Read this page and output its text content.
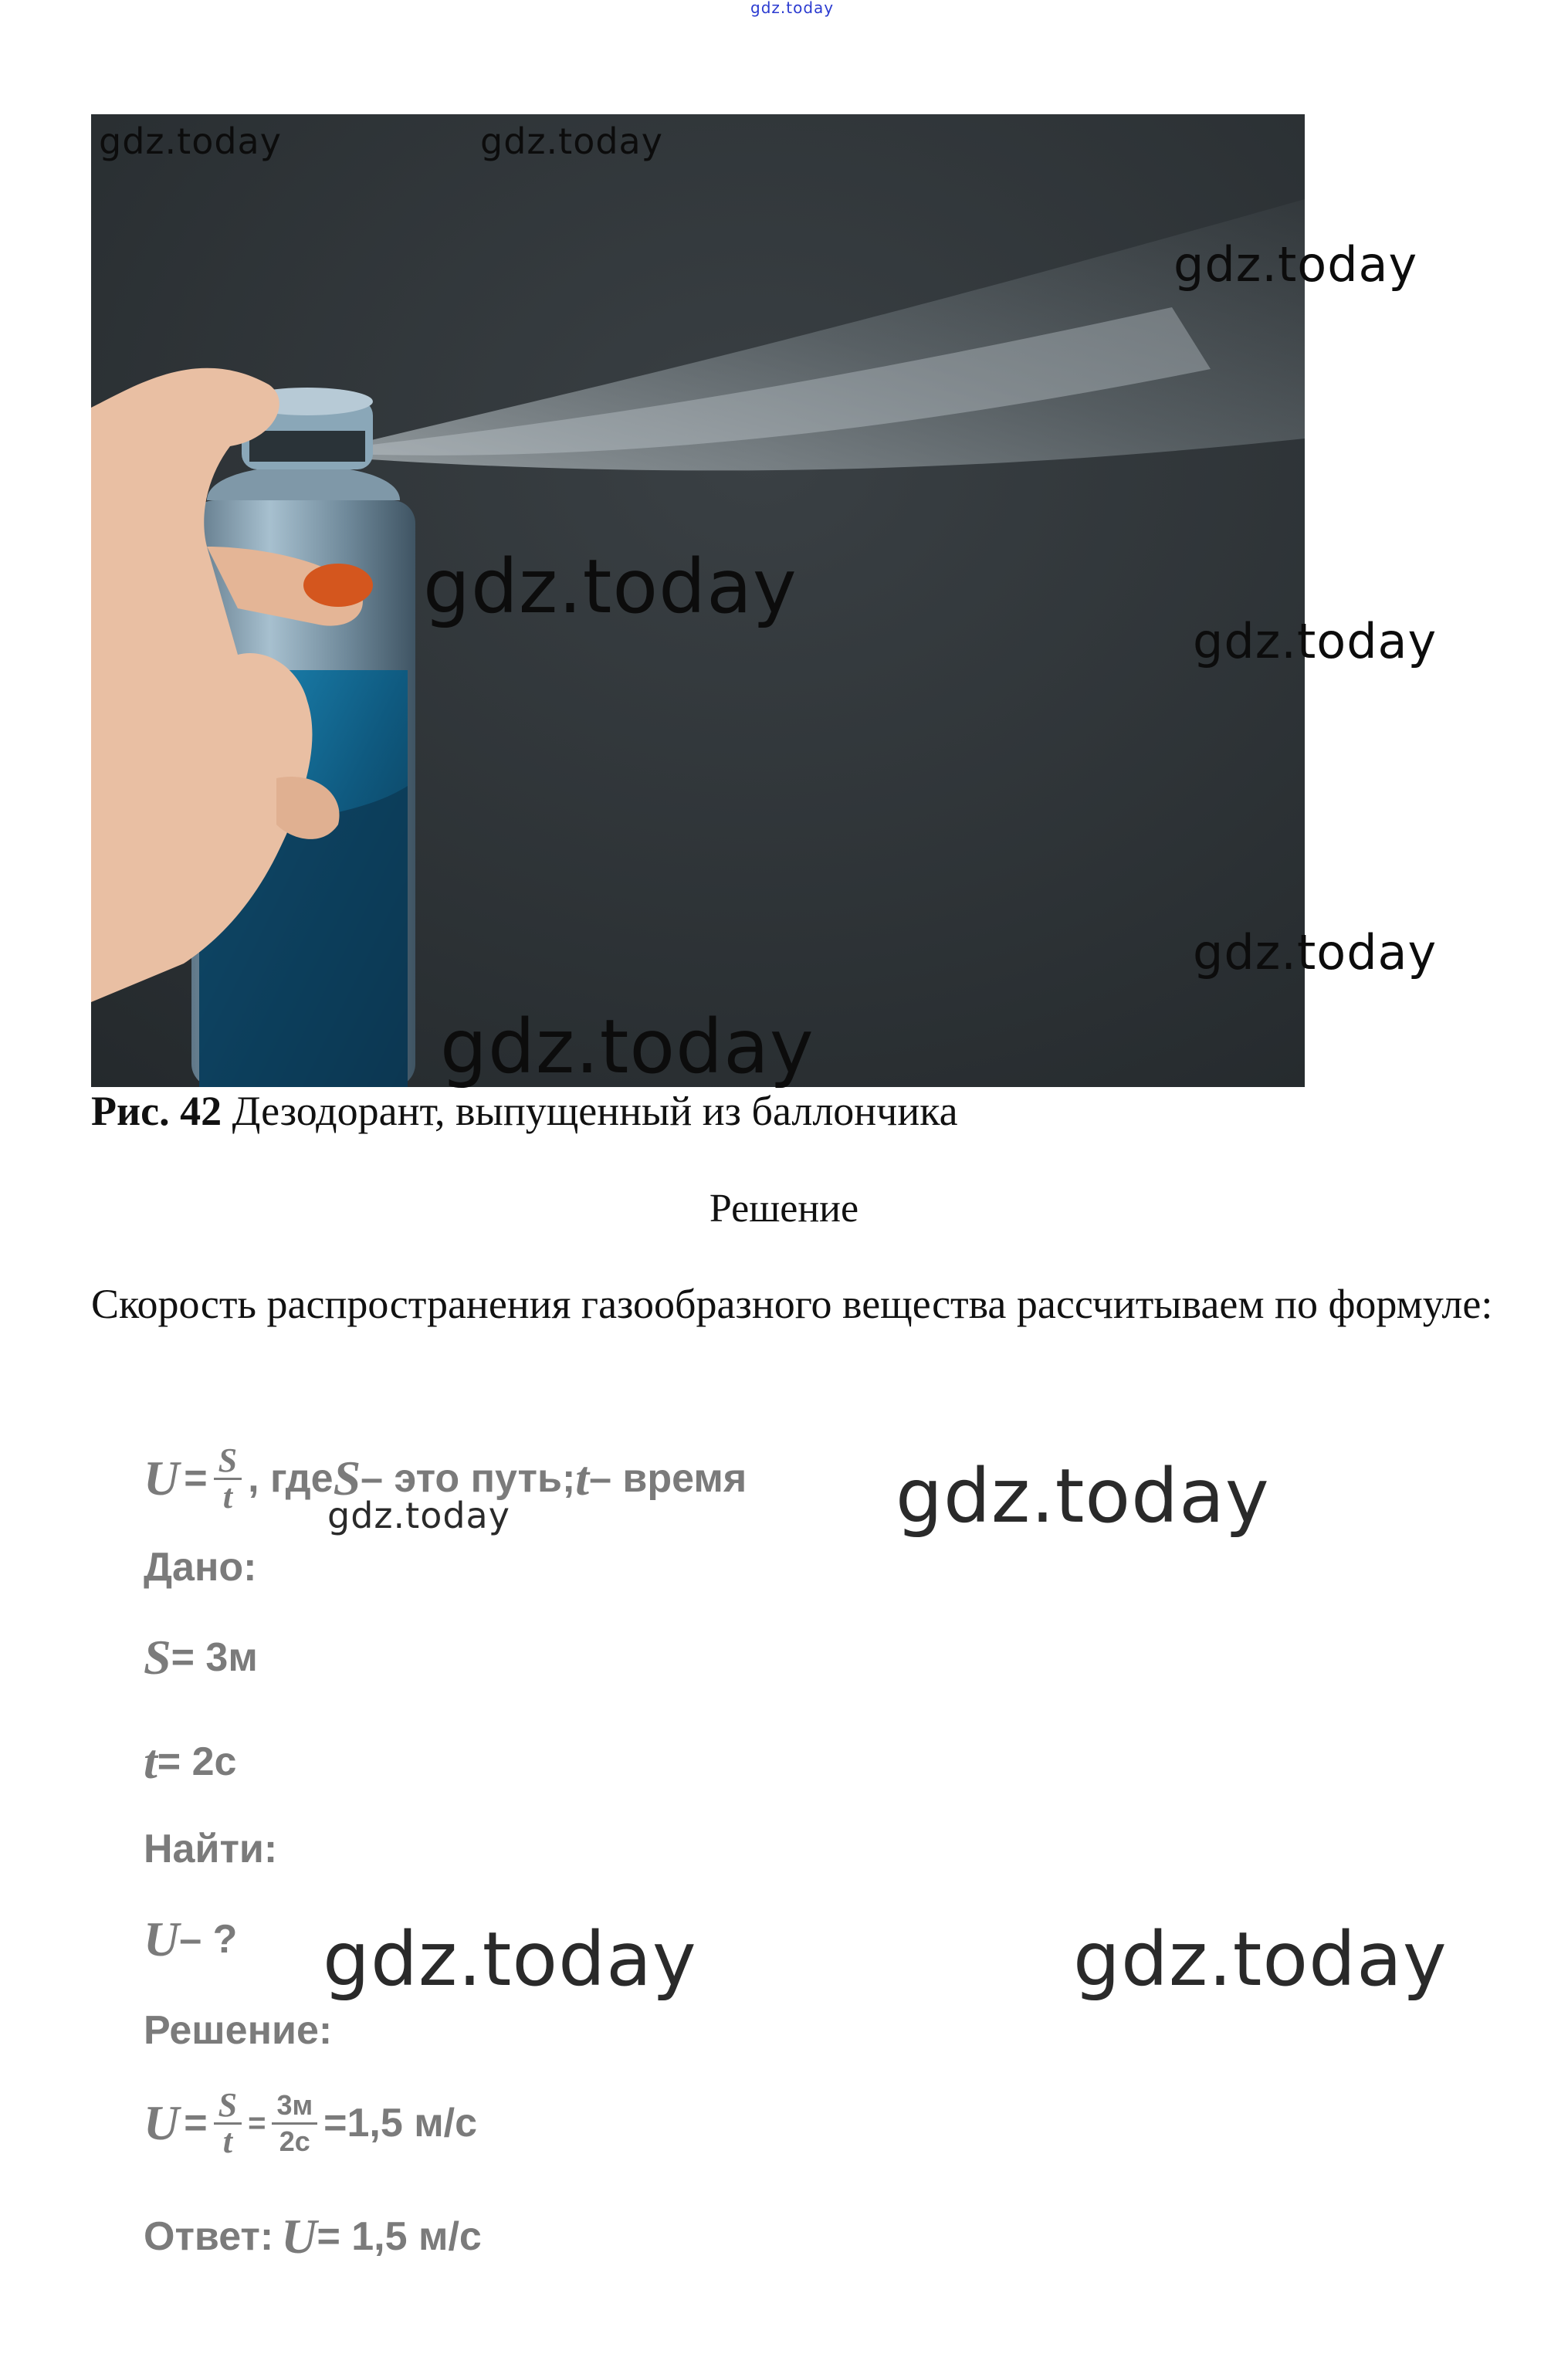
gdz.today
gdz.today	gdz.today
gdz.today
gdz.today
gdz.today
gdz.today
gdz.today
Рис. 42 Дезодорант, выпущенный из баллончика
Решение
Скорость распространения газообразного вещества рассчитываем по формуле:
$U = \frac{S}{t}$ , где S – это путь; t – время
Дано:
S = 3м
t = 2с
Найти:
U – ?
Решение:
$U = \frac{S}{t} = \frac{3м}{2с} =1,5$ м/с
Ответ: U = 1,5 м/с
gdz.today	gdz.today
gdz.today	gdz.today
